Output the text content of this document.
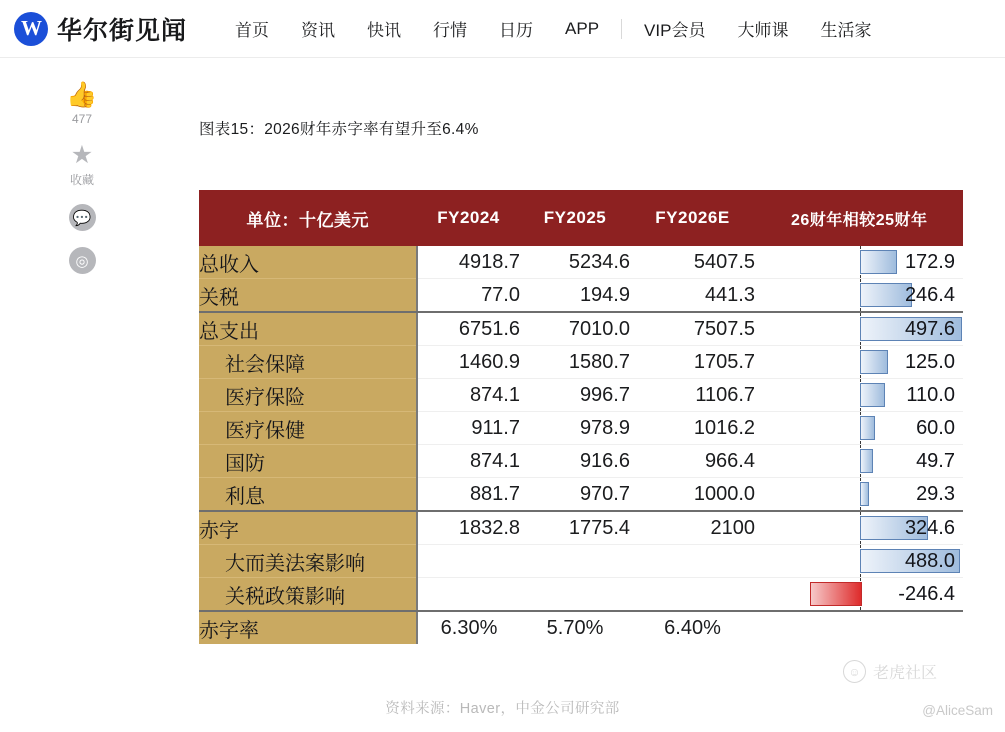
W 华尔街见闻	首页	资讯	快讯	行情	日历	APP	VIP会员	大师课	生活家
👍
477
★
收藏
💬
◎
图表15：2026财年赤字率有望升至6.4%
单位：十亿美元	FY2024	FY2025	FY2026E	26财年相较25财年
总收入	4918.7	5234.6	5407.5	172.9

关税	77.0	194.9	441.3	246.4

总支出	6751.6	7010.0	7507.5	497.6

社会保障	1460.9	1580.7	1705.7	125.0

医疗保险	874.1	996.7	1106.7	110.0

医疗保健	911.7	978.9	1016.2	60.0

国防	874.1	916.6	966.4	49.7

利息	881.7	970.7	1000.0	29.3

赤字	1832.8	1775.4	2100	324.6

大而美法案影响				488.0

关税政策影响				-246.4

赤字率	6.30%	5.70%	6.40%	
资料来源：Haver，中金公司研究部
☺ 老虎社区
@AliceSam
